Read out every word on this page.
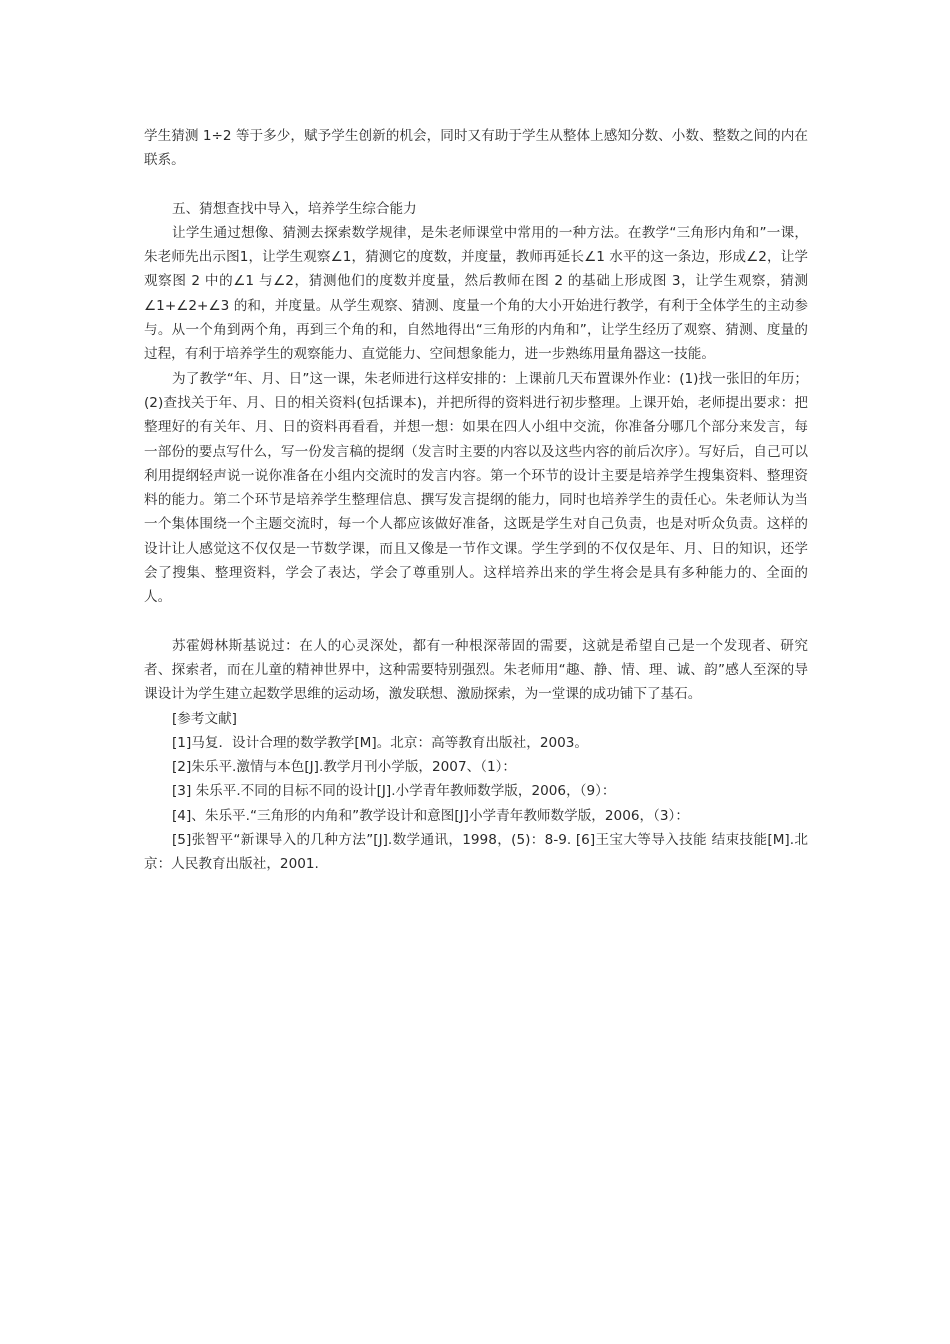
学生猜测 1÷2 等于多少，赋予学生创新的机会，同时又有助于学生从整体上感知分数、小数、整数之间的内在联系。

五、猜想查找中导入，培养学生综合能力

让学生通过想像、猜测去探索数学规律，是朱老师课堂中常用的一种方法。在教学“三角形内角和”一课，朱老师先出示图1，让学生观察∠1，猜测它的度数，并度量，教师再延长∠1 水平的这一条边，形成∠2，让学观察图 2 中的∠1 与∠2，猜测他们的度数并度量，然后教师在图 2 的基础上形成图 3，让学生观察，猜测∠1+∠2+∠3 的和，并度量。从学生观察、猜测、度量一个角的大小开始进行教学，有利于全体学生的主动参与。从一个角到两个角，再到三个角的和，自然地得出“三角形的内角和”，让学生经历了观察、猜测、度量的过程，有利于培养学生的观察能力、直觉能力、空间想象能力，进一步熟练用量角器这一技能。

为了教学“年、月、日”这一课，朱老师进行这样安排的：上课前几天布置课外作业：(1)找一张旧的年历；(2)查找关于年、月、日的相关资料(包括课本)，并把所得的资料进行初步整理。上课开始，老师提出要求：把整理好的有关年、月、日的资料再看看，并想一想：如果在四人小组中交流，你准备分哪几个部分来发言，每一部份的要点写什么，写一份发言稿的提纲（发言时主要的内容以及这些内容的前后次序）。写好后，自己可以利用提纲轻声说一说你准备在小组内交流时的发言内容。第一个环节的设计主要是培养学生搜集资料、整理资料的能力。第二个环节是培养学生整理信息、撰写发言提纲的能力，同时也培养学生的责任心。朱老师认为当一个集体围绕一个主题交流时，每一个人都应该做好准备，这既是学生对自己负责，也是对听众负责。这样的设计让人感觉这不仅仅是一节数学课，而且又像是一节作文课。学生学到的不仅仅是年、月、日的知识，还学会了搜集、整理资料，学会了表达，学会了尊重别人。这样培养出来的学生将会是具有多种能力的、全面的人。

苏霍姆林斯基说过：在人的心灵深处，都有一种根深蒂固的需要，这就是希望自己是一个发现者、研究者、探索者，而在儿童的精神世界中，这种需要特别强烈。朱老师用“趣、静、情、理、诚、韵”感人至深的导课设计为学生建立起数学思维的运动场，激发联想、激励探索，为一堂课的成功铺下了基石。

[参考文献]

[1]马复．设计合理的数学教学[M]。北京：高等教育出版社，2003。

[2]朱乐平.激情与本色[J].教学月刊小学版，2007、（1）：

[3] 朱乐平.不同的目标不同的设计[J].小学青年教师数学版，2006，（9）：

[4]、朱乐平.“三角形的内角和”教学设计和意图[J]小学青年教师数学版，2006，（3）：

[5]张智平“新课导入的几种方法”[J].数学通讯，1998，(5)：8-9. [6]王宝大等导入技能 结束技能[M].北京：人民教育出版社，2001.
